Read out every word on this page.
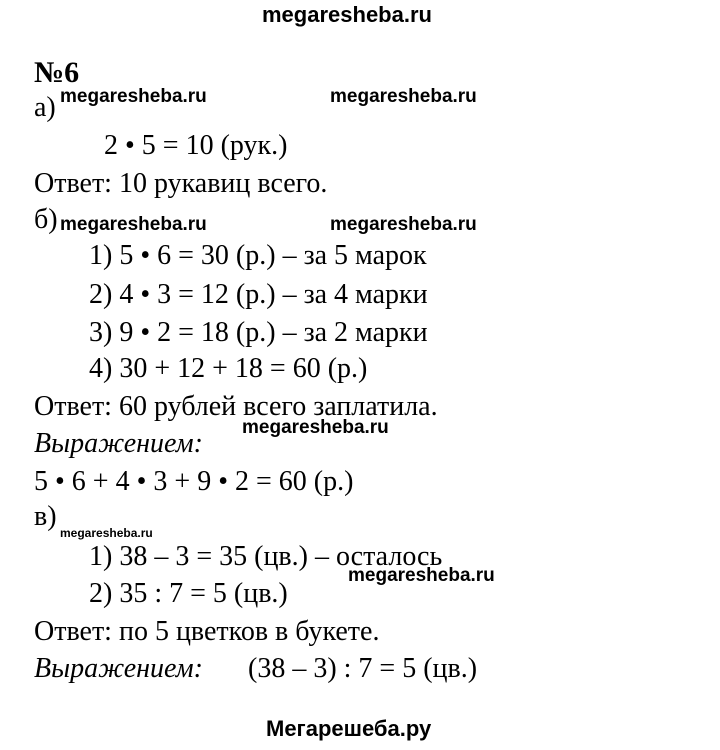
megaresheba.ru
№6
а) megaresheba.ru	megaresheba.ru
2 • 5 = 10 (рук.)
Ответ: 10 рукавиц всего.
б) megaresheba.ru	megaresheba.ru
1) 5 • 6 = 30 (р.) – за 5 марок
2) 4 • 3 = 12 (р.) – за 4 марки
3) 9 • 2 = 18 (р.) – за 2 марки
4) 30 + 12 + 18 = 60 (р.)
Ответ: 60 рублей всего заплатила.
Выражением:
megaresheba.ru
5 • 6 + 4 • 3 + 9 • 2 = 60 (р.)
в)
megaresheba.ru
1) 38 – 3 = 35 (цв.) – осталось
megaresheba.ru
2) 35 : 7 = 5 (цв.)
Ответ: по 5 цветков в букете.
Выражением: (38 – 3) : 7 = 5 (цв.)
Мегарешеба.ру
